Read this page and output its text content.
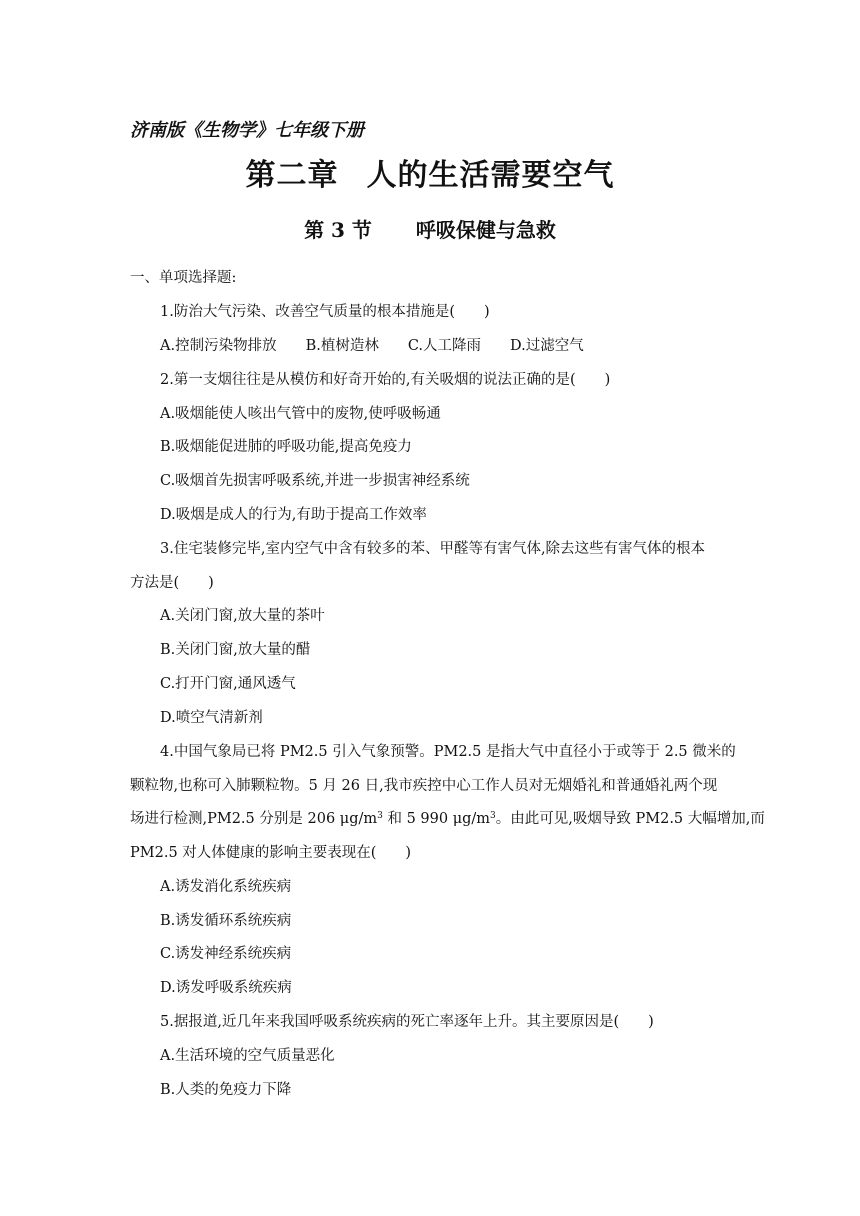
济南版《生物学》七年级下册
第二章 人的生活需要空气
第 3 节 呼吸保健与急救
一、单项选择题:
1.防治大气污染、改善空气质量的根本措施是(　　)
A.控制污染物排放　　B.植树造林　　C.人工降雨　　D.过滤空气
2.第一支烟往往是从模仿和好奇开始的,有关吸烟的说法正确的是(　　)
A.吸烟能使人咳出气管中的废物,使呼吸畅通
B.吸烟能促进肺的呼吸功能,提高免疫力
C.吸烟首先损害呼吸系统,并进一步损害神经系统
D.吸烟是成人的行为,有助于提高工作效率
3.住宅装修完毕,室内空气中含有较多的苯、甲醛等有害气体,除去这些有害气体的根本
方法是(　　)
A.关闭门窗,放大量的茶叶
B.关闭门窗,放大量的醋
C.打开门窗,通风透气
D.喷空气清新剂
4.中国气象局已将 PM2.5 引入气象预警。PM2.5 是指大气中直径小于或等于 2.5 微米的
颗粒物,也称可入肺颗粒物。5 月 26 日,我市疾控中心工作人员对无烟婚礼和普通婚礼两个现
场进行检测,PM2.5 分别是 206 $\mu g/m^3$ 和 5 990 $\mu g/m^3$。由此可见,吸烟导致 PM2.5 大幅增加,而
PM2.5 对人体健康的影响主要表现在(　　)
A.诱发消化系统疾病
B.诱发循环系统疾病
C.诱发神经系统疾病
D.诱发呼吸系统疾病
5.据报道,近几年来我国呼吸系统疾病的死亡率逐年上升。其主要原因是(　　)
A.生活环境的空气质量恶化
B.人类的免疫力下降
